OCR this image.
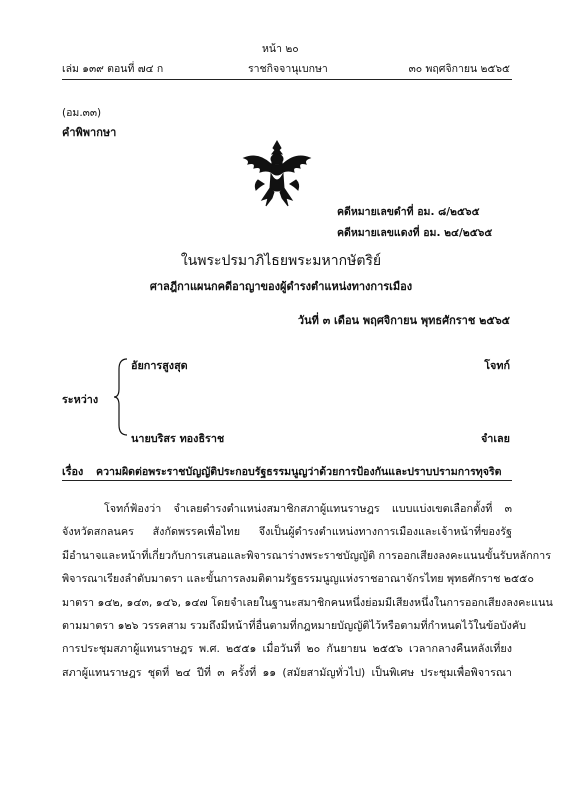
หน้า ๒๐
เล่ม ๑๓๙ ตอนที่ ๗๔ ก	ราชกิจจานุเบกษา	๓๐ พฤศจิกายน ๒๕๖๕
(อม.๓๓)
คำพิพากษา
คดีหมายเลขดำที่ อม. ๘/๒๕๖๕
คดีหมายเลขแดงที่ อม. ๒๔/๒๕๖๕
ในพระปรมาภิไธยพระมหากษัตริย์
ศาลฎีกาแผนกคดีอาญาของผู้ดำรงตำแหน่งทางการเมือง
วันที่ ๓ เดือน พฤศจิกายน พุทธศักราช ๒๕๖๕
อัยการสูงสุด	โจทก์
ระหว่าง
นายบริสร ทองธิราช	จำเลย
เรื่อง ความผิดต่อพระราชบัญญัติประกอบรัฐธรรมนูญว่าด้วยการป้องกันและปราบปรามการทุจริต
โจทก์ฟ้องว่า จำเลยดำรงตำแหน่งสมาชิกสภาผู้แทนราษฎร แบบแบ่งเขตเลือกตั้งที่ ๓
จังหวัดสกลนคร สังกัดพรรคเพื่อไทย จึงเป็นผู้ดำรงตำแหน่งทางการเมืองและเจ้าหน้าที่ของรัฐ
มีอำนาจและหน้าที่เกี่ยวกับการเสนอและพิจารณาร่างพระราชบัญญัติ การออกเสียงลงคะแนนขั้นรับหลักการ
พิจารณาเรียงลำดับมาตรา และขั้นการลงมติตามรัฐธรรมนูญแห่งราชอาณาจักรไทย พุทธศักราช ๒๕๕๐
มาตรา ๑๔๒, ๑๔๓, ๑๔๖, ๑๔๗ โดยจำเลยในฐานะสมาชิกคนหนึ่งย่อมมีเสียงหนึ่งในการออกเสียงลงคะแนน
ตามมาตรา ๑๒๖ วรรคสาม รวมถึงมีหน้าที่อื่นตามที่กฎหมายบัญญัติไว้หรือตามที่กำหนดไว้ในข้อบังคับ
การประชุมสภาผู้แทนราษฎร พ.ศ. ๒๕๕๑ เมื่อวันที่ ๒๐ กันยายน ๒๕๕๖ เวลากลางคืนหลังเที่ยง
สภาผู้แทนราษฎร ชุดที่ ๒๔ ปีที่ ๓ ครั้งที่ ๑๑ (สมัยสามัญทั่วไป) เป็นพิเศษ ประชุมเพื่อพิจารณา
